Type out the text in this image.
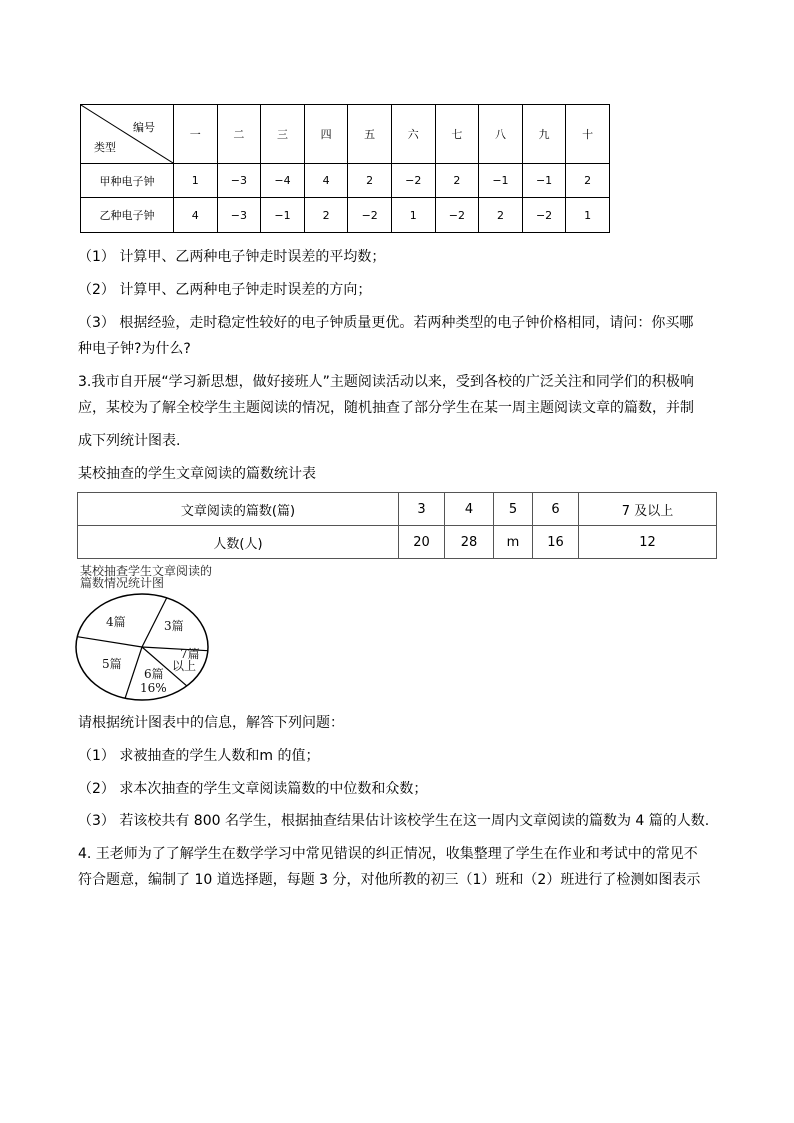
编号
类型	一	二	三	四	五	六	七	八	九	十
甲种电子钟	1	−3	−4	4	2	−2	2	−1	−1	2
乙种电子钟	4	−3	−1	2	−2	1	−2	2	−2	1
（1） 计算甲、乙两种电子钟走时误差的平均数；
（2） 计算甲、乙两种电子钟走时误差的方向；
（3） 根据经验，走时稳定性较好的电子钟质量更优。若两种类型的电子钟价格相同，请问：你买哪
种电子钟?为什么?
3.我市自开展“学习新思想，做好接班人”主题阅读活动以来，受到各校的广泛关注和同学们的积极响
应，某校为了解全校学生主题阅读的情况，随机抽查了部分学生在某一周主题阅读文章的篇数，并制
成下列统计图表.
某校抽查的学生文章阅读的篇数统计表
文章阅读的篇数(篇)	3	4	5	6	7 及以上
人数(人)	20	28	m	16	12
某校抽查学生文章阅读的
篇数情况统计图
3篇
7篇
以上
6篇
16%
5篇
4篇
请根据统计图表中的信息，解答下列问题：
（1） 求被抽查的学生人数和m 的值；
（2） 求本次抽查的学生文章阅读篇数的中位数和众数；
（3） 若该校共有 800 名学生，根据抽查结果估计该校学生在这一周内文章阅读的篇数为 4 篇的人数.
4. 王老师为了了解学生在数学学习中常见错误的纠正情况，收集整理了学生在作业和考试中的常见不
符合题意，编制了 10 道选择题，每题 3 分，对他所教的初三（1）班和（2）班进行了检测如图表示
